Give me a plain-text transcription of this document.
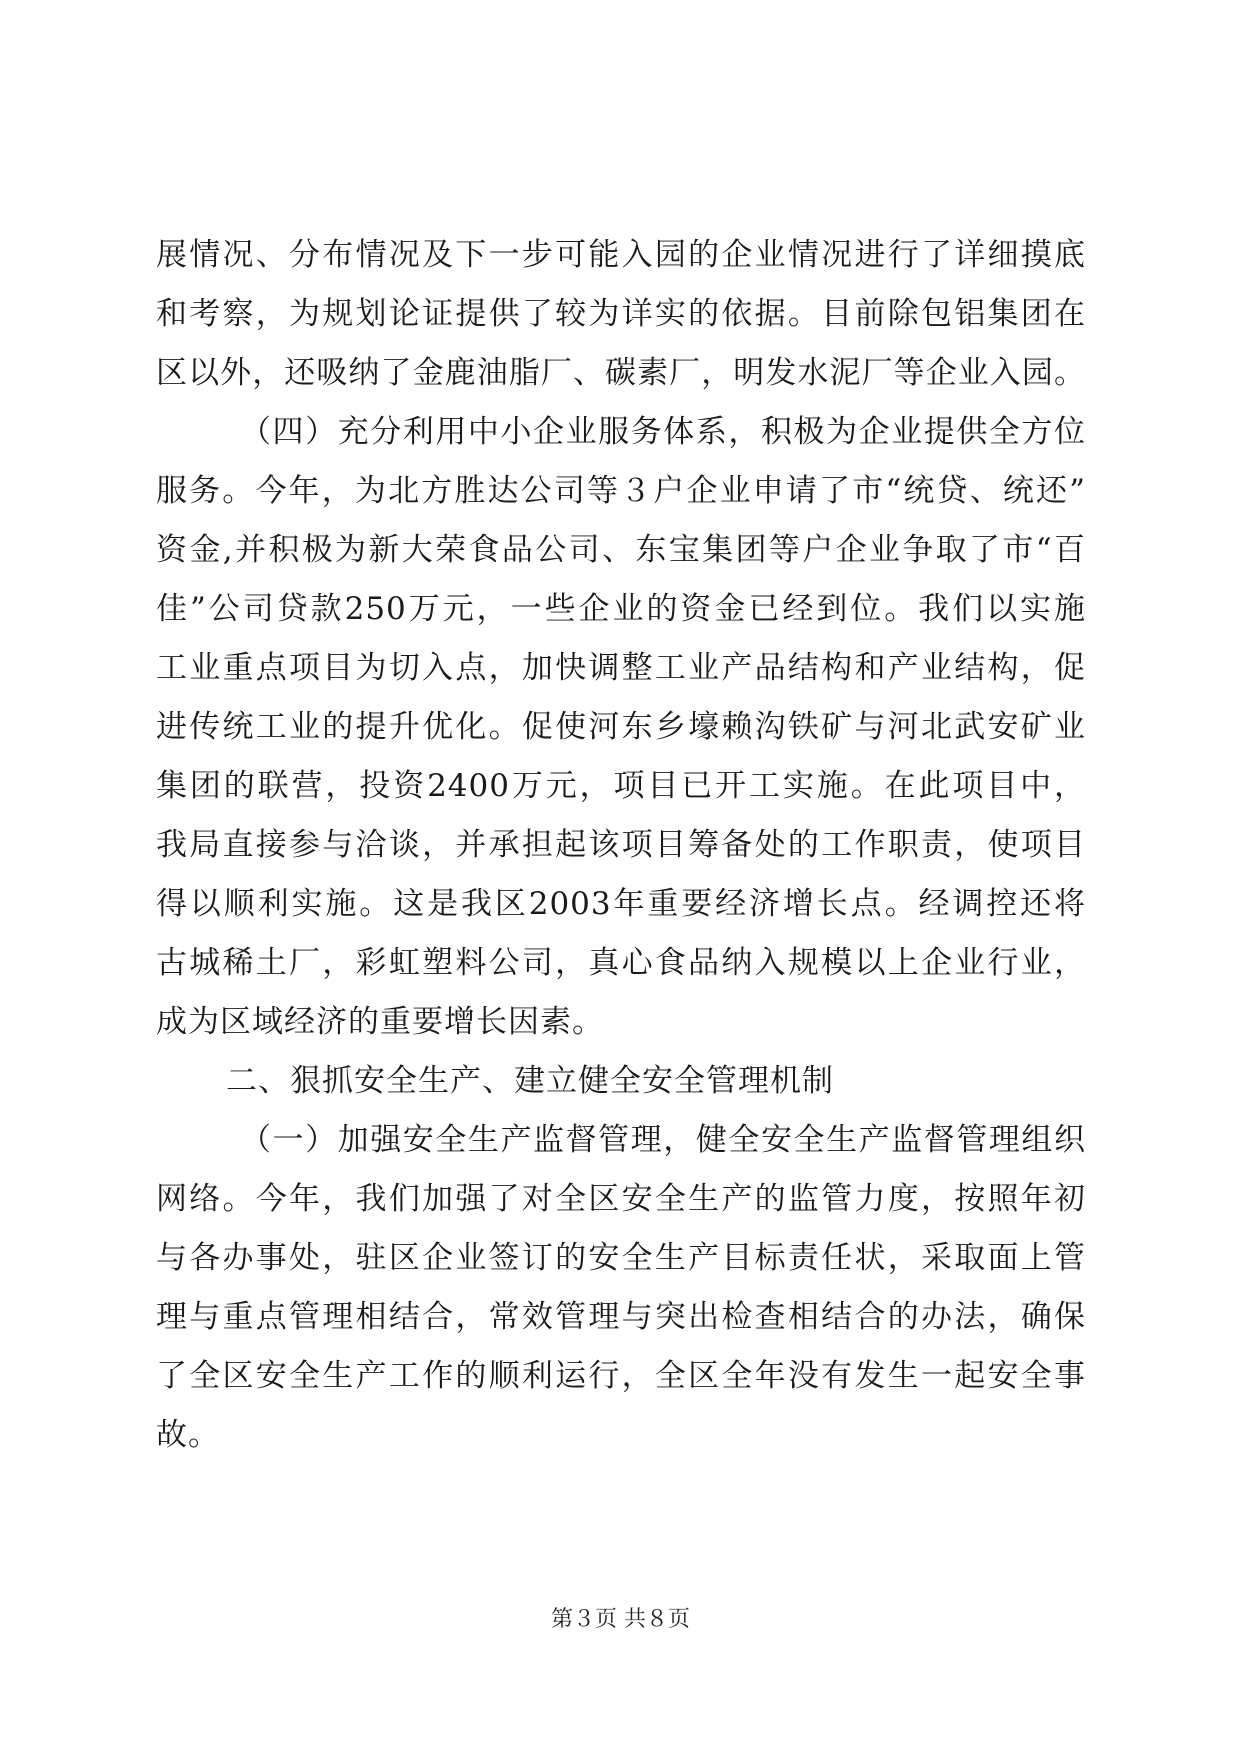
展情况、分布情况及下一步可能入园的企业情况进行了详细摸底
和考察，为规划论证提供了较为详实的依据。目前除包铝集团在
区以外，还吸纳了金鹿油脂厂、碳素厂，明发水泥厂等企业入园。
（四）充分利用中小企业服务体系，积极为企业提供全方位
服务。今年，为北方胜达公司等３户企业申请了市“统贷、统还”
资金,并积极为新大荣食品公司、东宝集团等户企业争取了市“百
佳”公司贷款250万元，一些企业的资金已经到位。我们以实施
工业重点项目为切入点，加快调整工业产品结构和产业结构，促
进传统工业的提升优化。促使河东乡壕赖沟铁矿与河北武安矿业
集团的联营，投资2400万元，项目已开工实施。在此项目中，
我局直接参与洽谈，并承担起该项目筹备处的工作职责，使项目
得以顺利实施。这是我区2003年重要经济增长点。经调控还将
古城稀土厂，彩虹塑料公司，真心食品纳入规模以上企业行业，
成为区域经济的重要增长因素。
二、狠抓安全生产、建立健全安全管理机制
（一）加强安全生产监督管理，健全安全生产监督管理组织
网络。今年，我们加强了对全区安全生产的监管力度，按照年初
与各办事处，驻区企业签订的安全生产目标责任状，采取面上管
理与重点管理相结合，常效管理与突出检查相结合的办法，确保
了全区安全生产工作的顺利运行，全区全年没有发生一起安全事
故。
第３页 共８页
